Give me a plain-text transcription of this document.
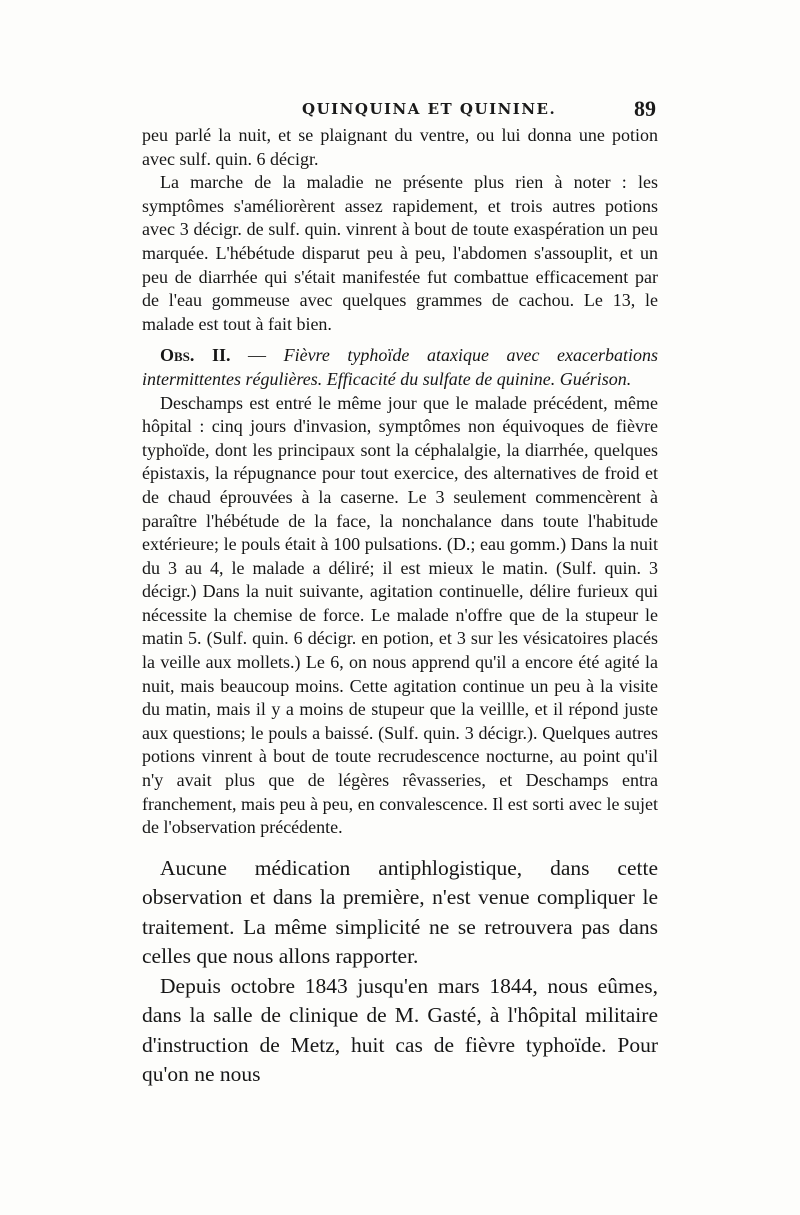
QUINQUINA ET QUININE.	89

peu parlé la nuit, et se plaignant du ventre, ou lui donna une potion avec sulf. quin. 6 décigr.

La marche de la maladie ne présente plus rien à noter : les symptômes s'améliorèrent assez rapidement, et trois autres potions avec 3 décigr. de sulf. quin. vinrent à bout de toute exaspération un peu marquée. L'hébétude disparut peu à peu, l'abdomen s'assouplit, et un peu de diarrhée qui s'était manifestée fut combattue efficacement par de l'eau gommeuse avec quelques grammes de cachou. Le 13, le malade est tout à fait bien.

Obs. II. — Fièvre typhoïde ataxique avec exacerbations intermittentes régulières. Efficacité du sulfate de quinine. Guérison.

Deschamps est entré le même jour que le malade précédent, même hôpital : cinq jours d'invasion, symptômes non équivoques de fièvre typhoïde, dont les principaux sont la céphalalgie, la diarrhée, quelques épistaxis, la répugnance pour tout exercice, des alternatives de froid et de chaud éprouvées à la caserne. Le 3 seulement commencèrent à paraître l'hébétude de la face, la nonchalance dans toute l'habitude extérieure; le pouls était à 100 pulsations. (D.; eau gomm.) Dans la nuit du 3 au 4, le malade a déliré; il est mieux le matin. (Sulf. quin. 3 décigr.) Dans la nuit suivante, agitation continuelle, délire furieux qui nécessite la chemise de force. Le malade n'offre que de la stupeur le matin 5. (Sulf. quin. 6 décigr. en potion, et 3 sur les vésicatoires placés la veille aux mollets.) Le 6, on nous apprend qu'il a encore été agité la nuit, mais beaucoup moins. Cette agitation continue un peu à la visite du matin, mais il y a moins de stupeur que la veillle, et il répond juste aux questions; le pouls a baissé. (Sulf. quin. 3 décigr.). Quelques autres potions vinrent à bout de toute recrudescence nocturne, au point qu'il n'y avait plus que de légères rêvasseries, et Deschamps entra franchement, mais peu à peu, en convalescence. Il est sorti avec le sujet de l'observation précédente.

Aucune médication antiphlogistique, dans cette observation et dans la première, n'est venue compliquer le traitement. La même simplicité ne se retrouvera pas dans celles que nous allons rapporter.

Depuis octobre 1843 jusqu'en mars 1844, nous eûmes, dans la salle de clinique de M. Gasté, à l'hôpital militaire d'instruction de Metz, huit cas de fièvre typhoïde. Pour qu'on ne nous
